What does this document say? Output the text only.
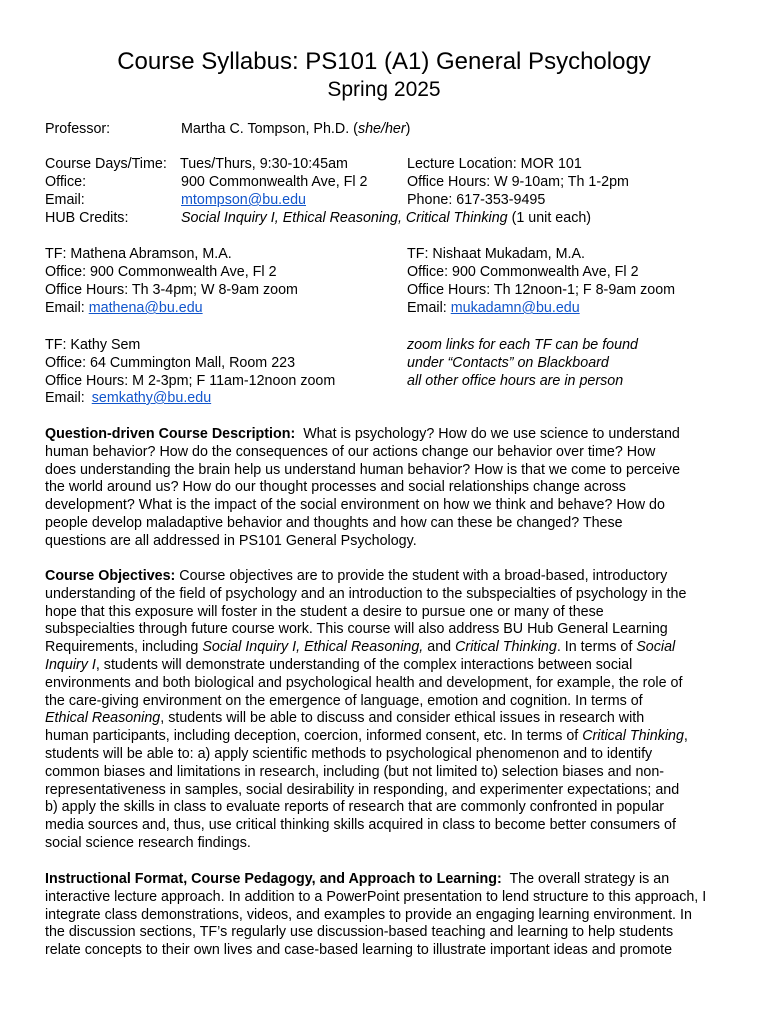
Course Syllabus: PS101 (A1) General Psychology
Spring 2025
Professor:	Martha C. Tompson, Ph.D. (she/her)
Course Days/Time: Tues/Thurs, 9:30-10:45am	Lecture Location: MOR 101
Office:	900 Commonwealth Ave, Fl 2	Office Hours: W 9-10am; Th 1-2pm
Email:	mtompson@bu.edu	Phone: 617-353-9495
HUB Credits:	Social Inquiry I, Ethical Reasoning, Critical Thinking (1 unit each)
TF: Mathena Abramson, M.A.
Office: 900 Commonwealth Ave, Fl 2
Office Hours: Th 3-4pm; W 8-9am zoom
Email: mathena@bu.edu
TF: Nishaat Mukadam, M.A.
Office: 900 Commonwealth Ave, Fl 2
Office Hours: Th 12noon-1; F 8-9am zoom
Email: mukadamn@bu.edu
TF: Kathy Sem
Office: 64 Cummington Mall, Room 223
Office Hours: M 2-3pm; F 11am-12noon zoom
Email: semkathy@bu.edu
zoom links for each TF can be found
under “Contacts” on Blackboard
all other office hours are in person
Question-driven Course Description: What is psychology? How do we use science to understand
human behavior? How do the consequences of our actions change our behavior over time? How
does understanding the brain help us understand human behavior? How is that we come to perceive
the world around us? How do our thought processes and social relationships change across
development? What is the impact of the social environment on how we think and behave? How do
people develop maladaptive behavior and thoughts and how can these be changed? These
questions are all addressed in PS101 General Psychology.
Course Objectives: Course objectives are to provide the student with a broad-based, introductory
understanding of the field of psychology and an introduction to the subspecialties of psychology in the
hope that this exposure will foster in the student a desire to pursue one or many of these
subspecialties through future course work. This course will also address BU Hub General Learning
Requirements, including Social Inquiry I, Ethical Reasoning, and Critical Thinking. In terms of Social
Inquiry I, students will demonstrate understanding of the complex interactions between social
environments and both biological and psychological health and development, for example, the role of
the care-giving environment on the emergence of language, emotion and cognition. In terms of
Ethical Reasoning, students will be able to discuss and consider ethical issues in research with
human participants, including deception, coercion, informed consent, etc. In terms of Critical Thinking,
students will be able to: a) apply scientific methods to psychological phenomenon and to identify
common biases and limitations in research, including (but not limited to) selection biases and non-
representativeness in samples, social desirability in responding, and experimenter expectations; and
b) apply the skills in class to evaluate reports of research that are commonly confronted in popular
media sources and, thus, use critical thinking skills acquired in class to become better consumers of
social science research findings.
Instructional Format, Course Pedagogy, and Approach to Learning: The overall strategy is an
interactive lecture approach. In addition to a PowerPoint presentation to lend structure to this approach, I
integrate class demonstrations, videos, and examples to provide an engaging learning environment. In
the discussion sections, TF’s regularly use discussion-based teaching and learning to help students
relate concepts to their own lives and case-based learning to illustrate important ideas and promote
